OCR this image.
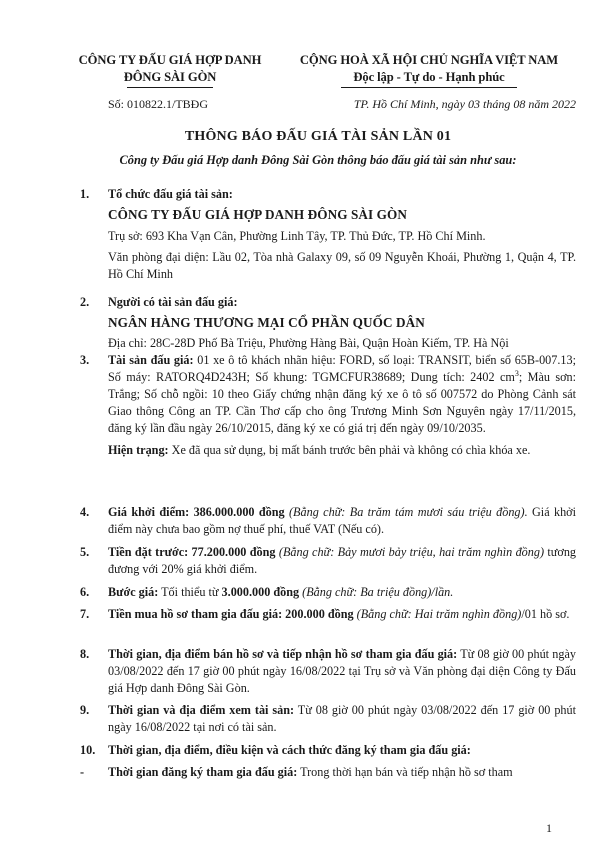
CÔNG TY ĐẤU GIÁ HỢP DANH
ĐÔNG SÀI GÒN
CỘNG HOÀ XÃ HỘI CHỦ NGHĨA VIỆT NAM
Độc lập - Tự do - Hạnh phúc
Số: 010822.1/TBĐG	TP. Hồ Chí Minh, ngày 03 tháng 08 năm 2022
THÔNG BÁO ĐẤU GIÁ TÀI SẢN LẦN 01
Công ty Đấu giá Hợp danh Đông Sài Gòn thông báo đấu giá tài sản như sau:
1.	Tổ chức đấu giá tài sản:
CÔNG TY ĐẤU GIÁ HỢP DANH ĐÔNG SÀI GÒN
Trụ sở: 693 Kha Vạn Cân, Phường Linh Tây, TP. Thủ Đức, TP. Hồ Chí Minh.
Văn phòng đại diện: Lầu 02, Tòa nhà Galaxy 09, số 09 Nguyễn Khoái, Phường 1, Quận 4, TP. Hồ Chí Minh
2.	Người có tài sản đấu giá:
NGÂN HÀNG THƯƠNG MẠI CỔ PHẦN QUỐC DÂN
Địa chỉ: 28C-28D Phố Bà Triệu, Phường Hàng Bài, Quận Hoàn Kiếm, TP. Hà Nội
3.	Tài sản đấu giá: 01 xe ô tô khách nhãn hiệu: FORD, số loại: TRANSIT, biển số 65B-007.13; Số máy: RATORQ4D243H; Số khung: TGMCFUR38689; Dung tích: 2402 $cm^3$; Màu sơn: Trắng; Số chỗ ngồi: 10 theo Giấy chứng nhận đăng ký xe ô tô số 007572 do Phòng Cảnh sát Giao thông Công an TP. Cần Thơ cấp cho ông Trương Minh Sơn Nguyên ngày 17/11/2015, đăng ký lần đầu ngày 26/10/2015, đăng ký xe có giá trị đến ngày 09/10/2035.
Hiện trạng: Xe đã qua sử dụng, bị mất bánh trước bên phải và không có chìa khóa xe.
4.	Giá khởi điểm: 386.000.000 đồng (Bằng chữ: Ba trăm tám mươi sáu triệu đồng). Giá khởi điểm này chưa bao gồm nợ thuế phí, thuế VAT (Nếu có).
5.	Tiền đặt trước: 77.200.000 đồng (Bằng chữ: Bảy mươi bảy triệu, hai trăm nghìn đồng) tương đương với 20% giá khởi điểm.
6.	Bước giá: Tối thiểu từ 3.000.000 đồng (Bằng chữ: Ba triệu đồng)/lần.
7.	Tiền mua hồ sơ tham gia đấu giá: 200.000 đồng (Bằng chữ: Hai trăm nghìn đồng)/01 hồ sơ.
8.	Thời gian, địa điểm bán hồ sơ và tiếp nhận hồ sơ tham gia đấu giá: Từ 08 giờ 00 phút ngày 03/08/2022 đến 17 giờ 00 phút ngày 16/08/2022 tại Trụ sở và Văn phòng đại diện Công ty Đấu giá Hợp danh Đông Sài Gòn.
9.	Thời gian và địa điểm xem tài sản: Từ 08 giờ 00 phút ngày 03/08/2022 đến 17 giờ 00 phút ngày 16/08/2022 tại nơi có tài sản.
10.	Thời gian, địa điểm, điều kiện và cách thức đăng ký tham gia đấu giá:
-	Thời gian đăng ký tham gia đấu giá: Trong thời hạn bán và tiếp nhận hồ sơ tham
1
